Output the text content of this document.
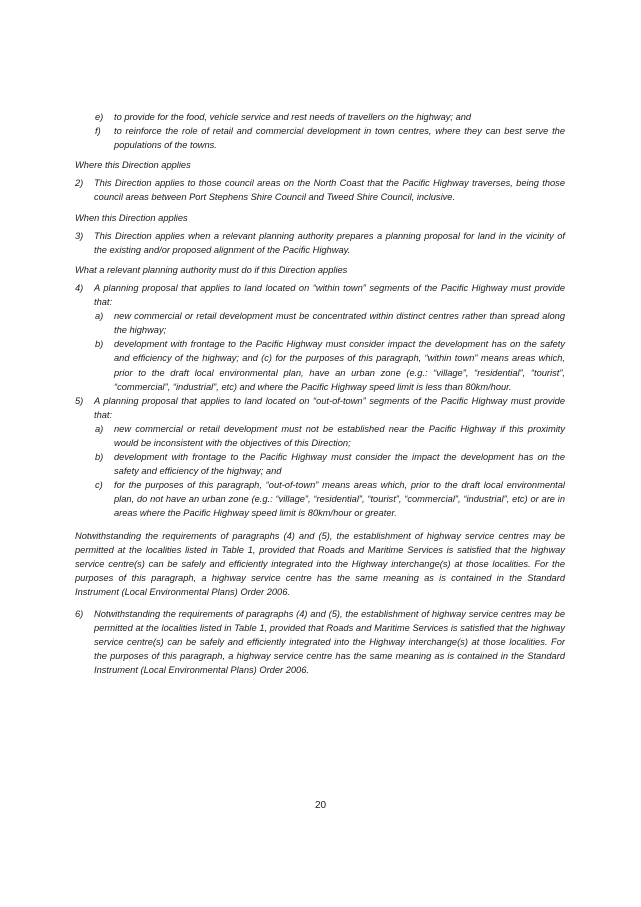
e)	to provide for the food, vehicle service and rest needs of travellers on the highway; and
f)	to reinforce the role of retail and commercial development in town centres, where they can best serve the populations of the towns.
Where this Direction applies
2)	This Direction applies to those council areas on the North Coast that the Pacific Highway traverses, being those council areas between Port Stephens Shire Council and Tweed Shire Council, inclusive.
When this Direction applies
3)	This Direction applies when a relevant planning authority prepares a planning proposal for land in the vicinity of the existing and/or proposed alignment of the Pacific Highway.
What a relevant planning authority must do if this Direction applies
4)	A planning proposal that applies to land located on “within town” segments of the Pacific Highway must provide that:
a)	new commercial or retail development must be concentrated within distinct centres rather than spread along the highway;
b)	development with frontage to the Pacific Highway must consider impact the development has on the safety and efficiency of the highway; and (c) for the purposes of this paragraph, “within town” means areas which, prior to the draft local environmental plan, have an urban zone (e.g.: “village”, “residential”, “tourist”, “commercial”, “industrial”, etc) and where the Pacific Highway speed limit is less than 80km/hour.
5)	A planning proposal that applies to land located on “out-of-town” segments of the Pacific Highway must provide that:
a)	new commercial or retail development must not be established near the Pacific Highway if this proximity would be inconsistent with the objectives of this Direction;
b)	development with frontage to the Pacific Highway must consider the impact the development has on the safety and efficiency of the highway; and
c)	for the purposes of this paragraph, “out-of-town” means areas which, prior to the draft local environmental plan, do not have an urban zone (e.g.: “village”, “residential”, “tourist”, “commercial”, “industrial”, etc) or are in areas where the Pacific Highway speed limit is 80km/hour or greater.
Notwithstanding the requirements of paragraphs (4) and (5), the establishment of highway service centres may be permitted at the localities listed in Table 1, provided that Roads and Maritime Services is satisfied that the highway service centre(s) can be safely and efficiently integrated into the Highway interchange(s) at those localities. For the purposes of this paragraph, a highway service centre has the same meaning as is contained in the Standard Instrument (Local Environmental Plans) Order 2006.
6)	Notwithstanding the requirements of paragraphs (4) and (5), the establishment of highway service centres may be permitted at the localities listed in Table 1, provided that Roads and Maritime Services is satisfied that the highway service centre(s) can be safely and efficiently integrated into the Highway interchange(s) at those localities. For the purposes of this paragraph, a highway service centre has the same meaning as is contained in the Standard Instrument (Local Environmental Plans) Order 2006.
20
